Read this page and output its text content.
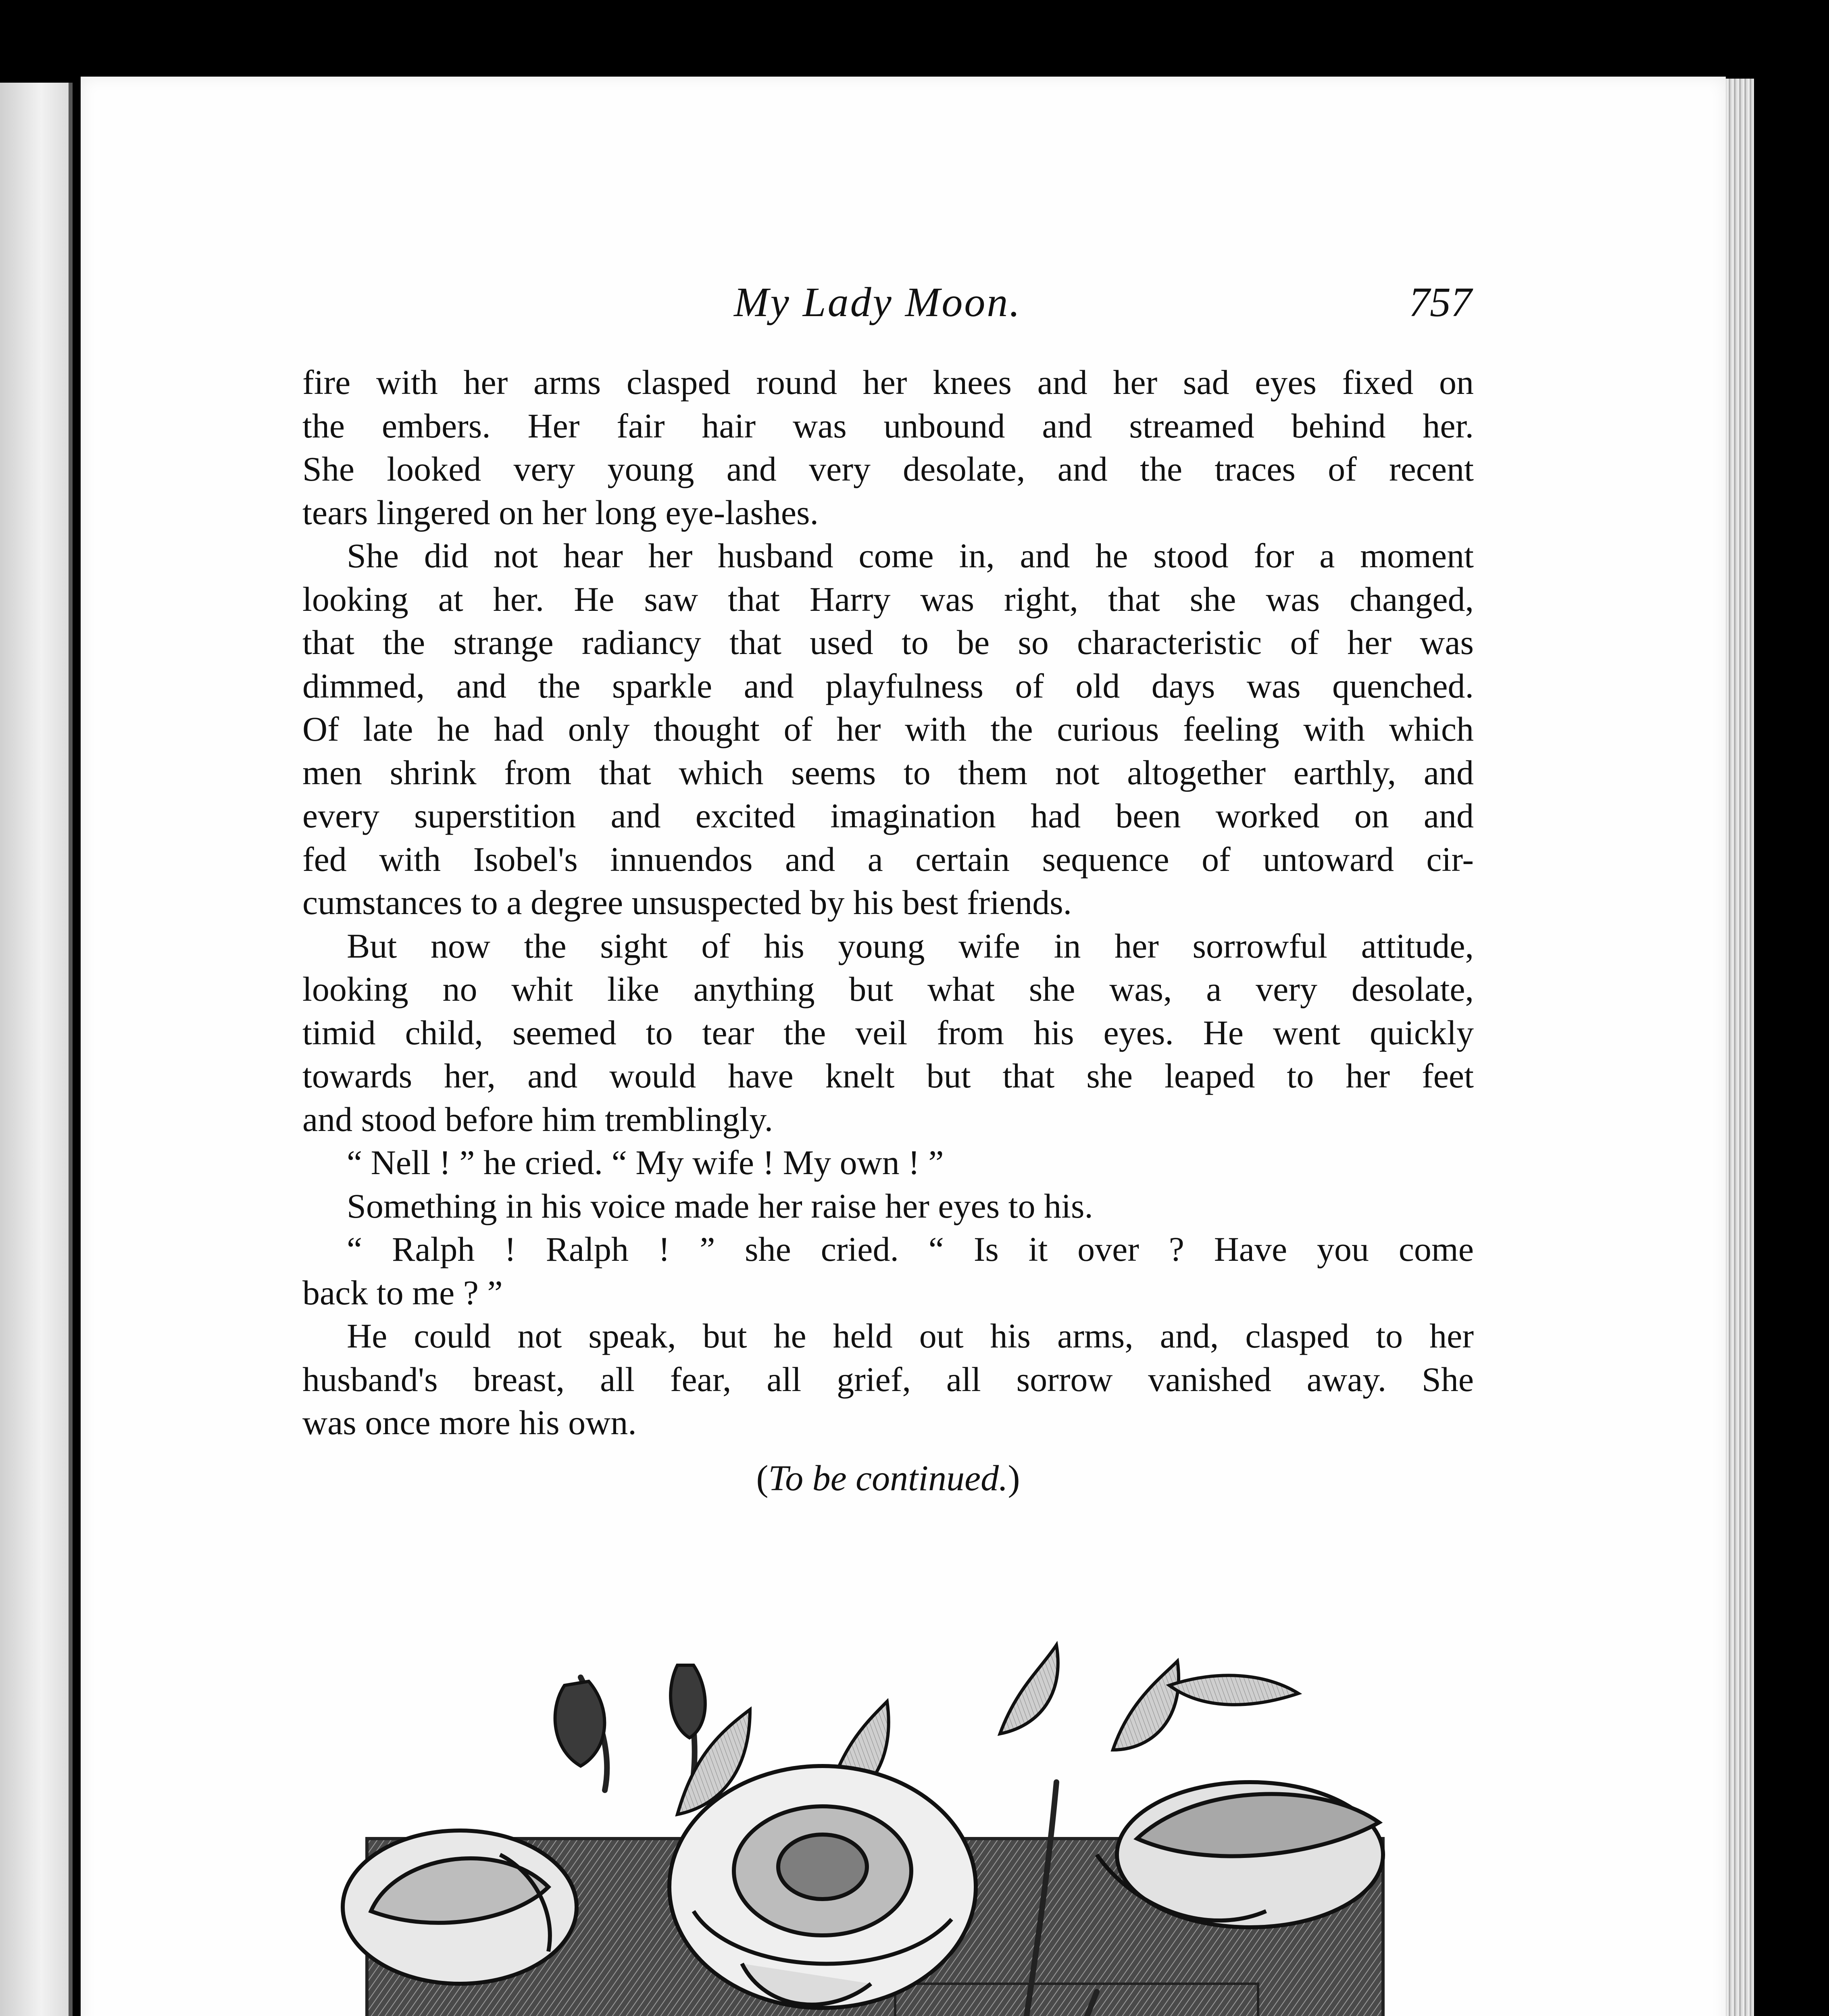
My Lady Moon.	757
fire with her arms clasped round her knees and her sad eyes fixed on
the embers. Her fair hair was unbound and streamed behind her.
She looked very young and very desolate, and the traces of recent
tears lingered on her long eye-lashes.
She did not hear her husband come in, and he stood for a moment
looking at her. He saw that Harry was right, that she was changed,
that the strange radiancy that used to be so characteristic of her was
dimmed, and the sparkle and playfulness of old days was quenched.
Of late he had only thought of her with the curious feeling with which
men shrink from that which seems to them not altogether earthly, and
every superstition and excited imagination had been worked on and
fed with Isobel's innuendos and a certain sequence of untoward cir-
cumstances to a degree unsuspected by his best friends.
But now the sight of his young wife in her sorrowful attitude,
looking no whit like anything but what she was, a very desolate,
timid child, seemed to tear the veil from his eyes. He went quickly
towards her, and would have knelt but that she leaped to her feet
and stood before him tremblingly.
“ Nell ! ” he cried. “ My wife ! My own ! ”
Something in his voice made her raise her eyes to his.
“ Ralph ! Ralph ! ” she cried. “ Is it over ? Have you come
back to me ? ”
He could not speak, but he held out his arms, and, clasped to her
husband's breast, all fear, all grief, all sorrow vanished away. She
was once more his own.
(To be continued.)
